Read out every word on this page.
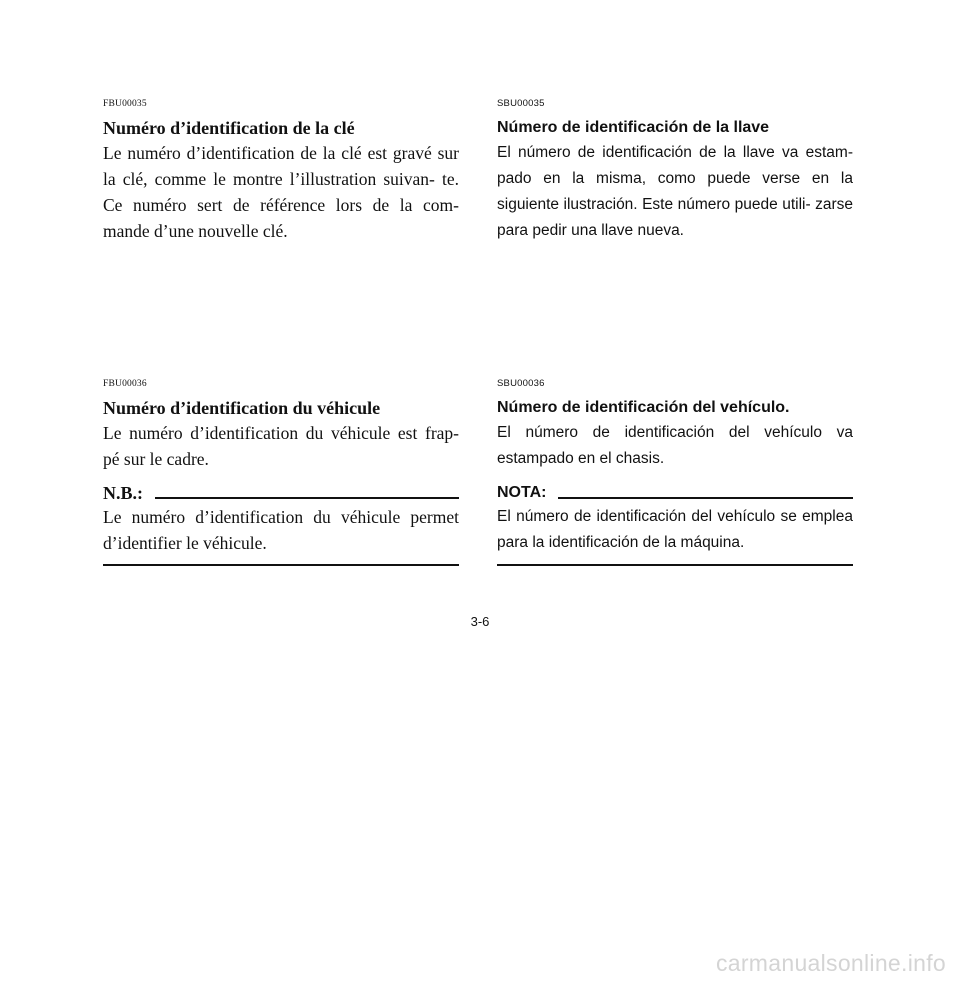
FBU00035
Numéro d’identification de la clé
Le numéro d’identification de la clé est gravé sur la clé, comme le montre l’illustration suivan- te. Ce numéro sert de référence lors de la com- mande d’une nouvelle clé.
SBU00035
Número de identificación de la llave
El número de identificación de la llave va estam- pado en la misma, como puede verse en la siguiente ilustración. Este número puede utili- zarse para pedir una llave nueva.
FBU00036
Numéro d’identification du véhicule
Le numéro d’identification du véhicule est frap- pé sur le cadre.
N.B.:
Le numéro d’identification du véhicule permet d’identifier le véhicule.
SBU00036
Número de identificación del vehículo.
El número de identificación del vehículo va estampado en el chasis.
NOTA:
El número de identificación del vehículo se emplea para la identificación de la máquina.
3-6
carmanualsonline.info
